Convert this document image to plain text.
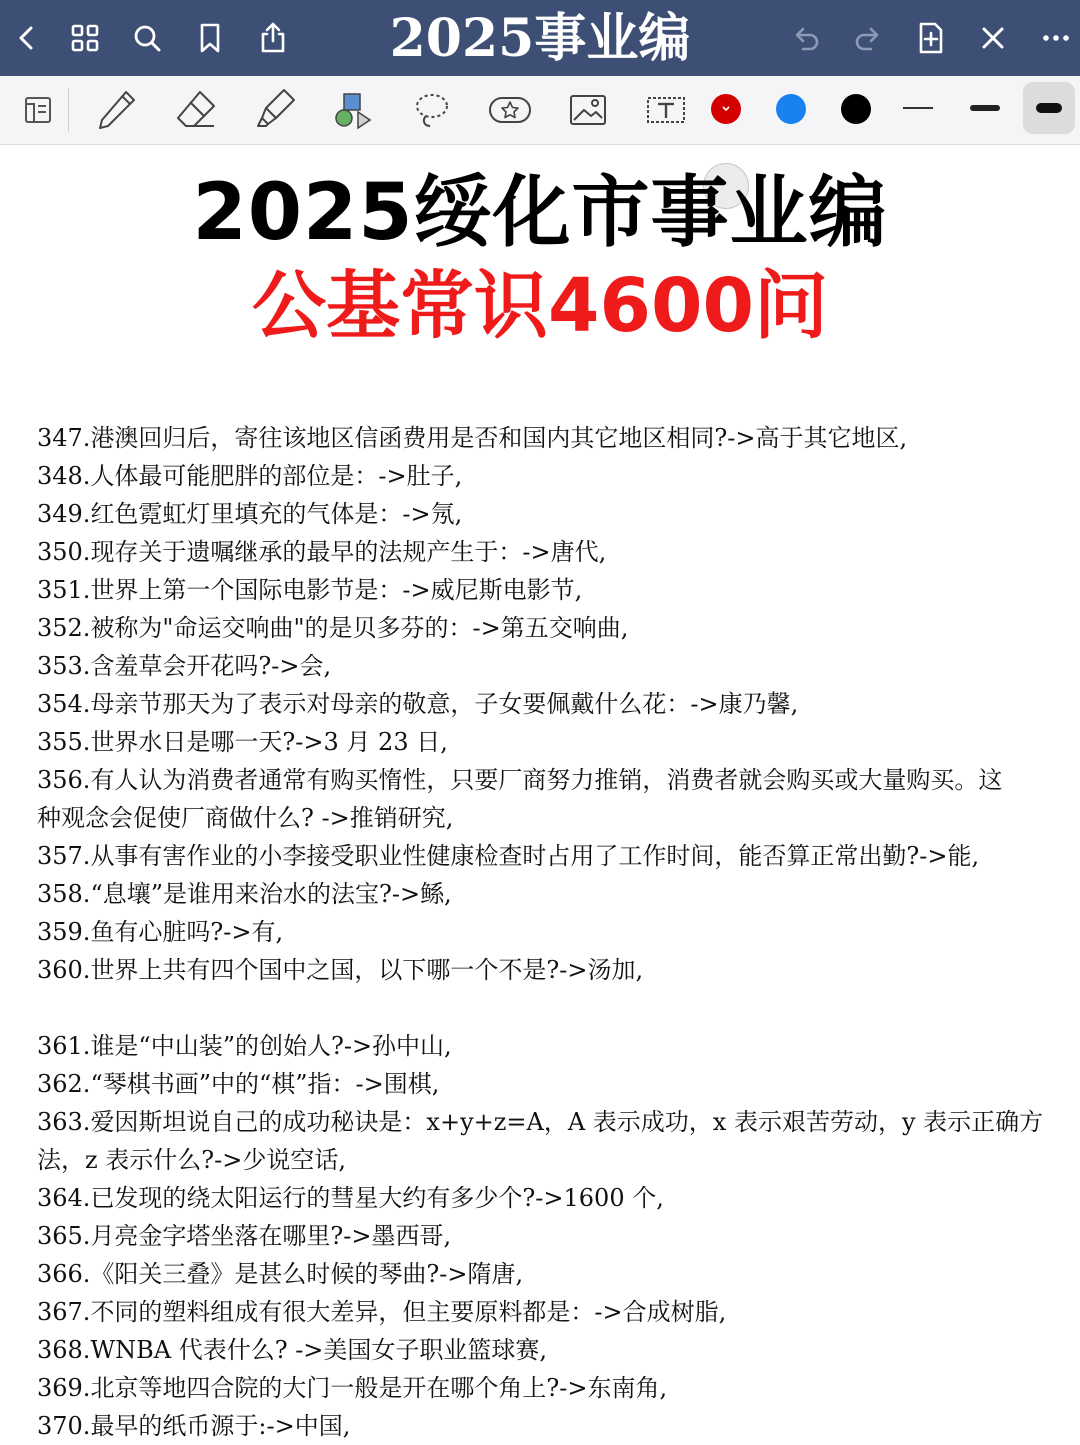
2025事业编
2025绥化市事业编
公基常识4600问
347.港澳回归后，寄往该地区信函费用是否和国内其它地区相同?->高于其它地区,
348.人体最可能肥胖的部位是：->肚子,
349.红色霓虹灯里填充的气体是：->氖,
350.现存关于遗嘱继承的最早的法规产生于：->唐代,
351.世界上第一个国际电影节是：->威尼斯电影节,
352.被称为"命运交响曲"的是贝多芬的：->第五交响曲,
353.含羞草会开花吗?->会,
354.母亲节那天为了表示对母亲的敬意，子女要佩戴什么花：->康乃馨,
355.世界水日是哪一天?->3 月 23 日,
356.有人认为消费者通常有购买惰性，只要厂商努力推销，消费者就会购买或大量购买。这
种观念会促使厂商做什么? ->推销研究,
357.从事有害作业的小李接受职业性健康检查时占用了工作时间，能否算正常出勤?->能,
358.“息壤”是谁用来治水的法宝?->鲧,
359.鱼有心脏吗?->有,
360.世界上共有四个国中之国，以下哪一个不是?->汤加,
361.谁是“中山装”的创始人?->孙中山,
362.“琴棋书画”中的“棋”指：->围棋,
363.爱因斯坦说自己的成功秘诀是：x+y+z=A，A 表示成功，x 表示艰苦劳动，y 表示正确方
法，z 表示什么?->少说空话,
364.已发现的绕太阳运行的彗星大约有多少个?->1600 个,
365.月亮金字塔坐落在哪里?->墨西哥,
366.《阳关三叠》是甚么时候的琴曲?->隋唐,
367.不同的塑料组成有很大差异，但主要原料都是：->合成树脂,
368.WNBA 代表什么? ->美国女子职业篮球赛,
369.北京等地四合院的大门一般是开在哪个角上?->东南角,
370.最早的纸币源于:->中国,
